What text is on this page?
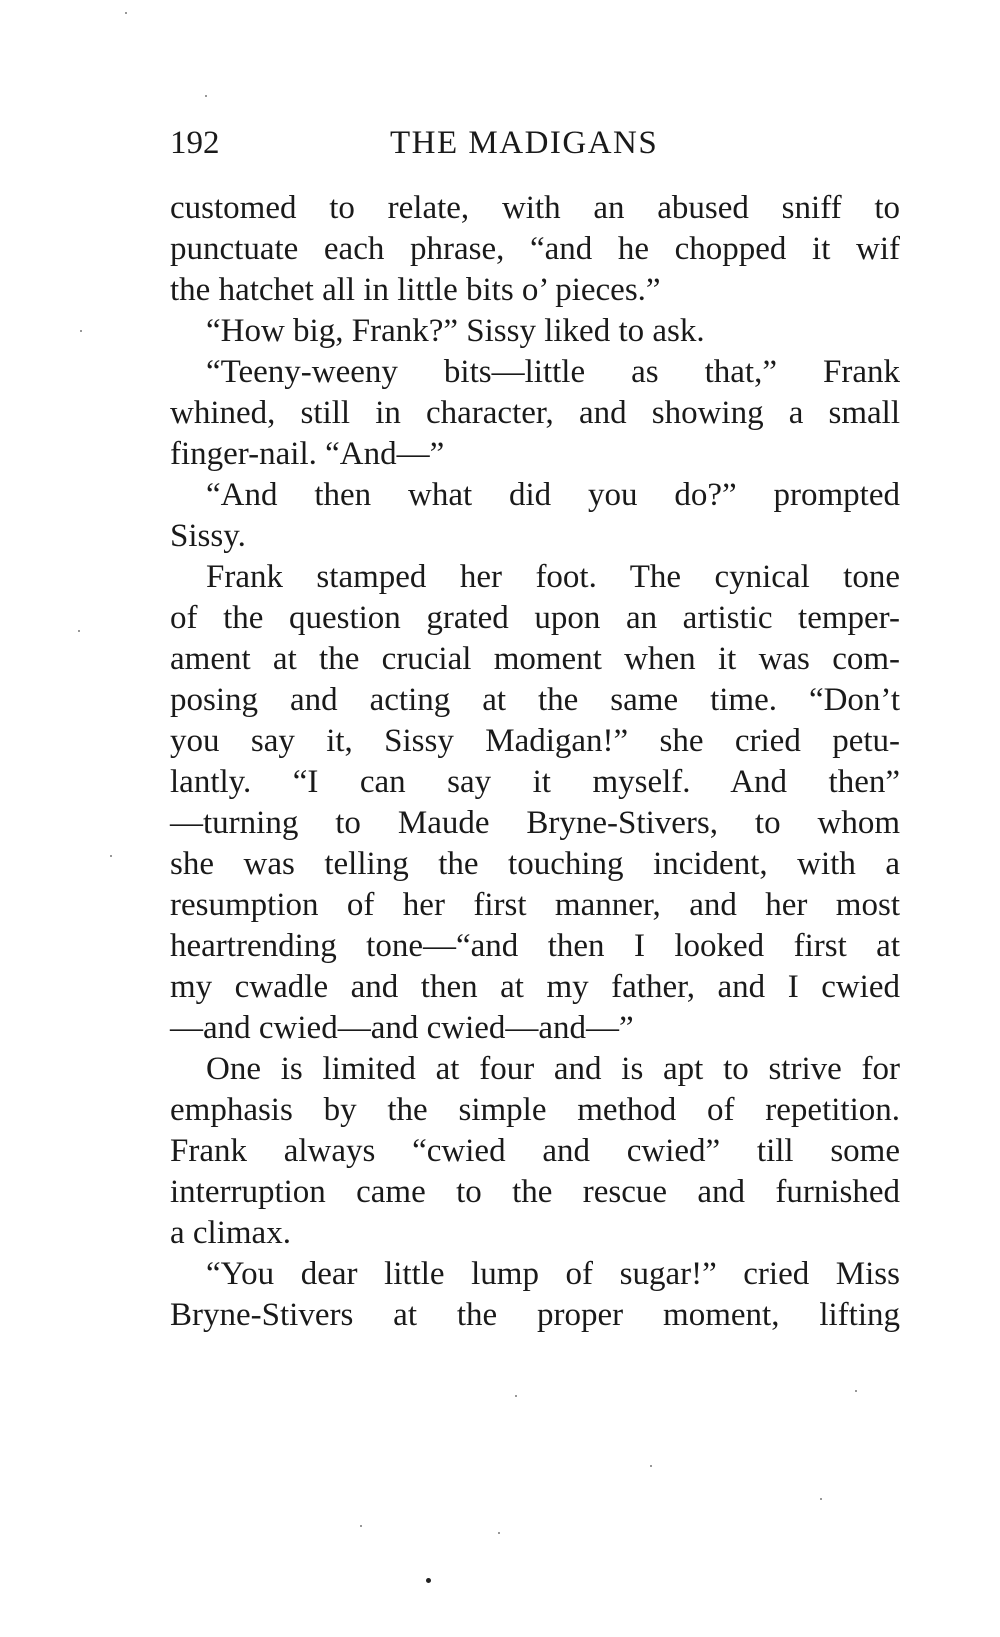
192	THE MADIGANS
customed to relate, with an abused sniff to
punctuate each phrase, “and he chopped it wif
the hatchet all in little bits o’ pieces.”
“How big, Frank?” Sissy liked to ask.
“Teeny-weeny bits—little as that,” Frank
whined, still in character, and showing a small
finger-nail. “And—”
“And then what did you do?” prompted
Sissy.
Frank stamped her foot. The cynical tone
of the question grated upon an artistic temper-
ament at the crucial moment when it was com-
posing and acting at the same time. “Don’t
you say it, Sissy Madigan!” she cried petu-
lantly. “I can say it myself. And then”
—turning to Maude Bryne-Stivers, to whom
she was telling the touching incident, with a
resumption of her first manner, and her most
heartrending tone—“and then I looked first at
my cwadle and then at my father, and I cwied
—and cwied—and cwied—and—”
One is limited at four and is apt to strive for
emphasis by the simple method of repetition.
Frank always “cwied and cwied” till some
interruption came to the rescue and furnished
a climax.
“You dear little lump of sugar!” cried Miss
Bryne-Stivers at the proper moment, lifting
